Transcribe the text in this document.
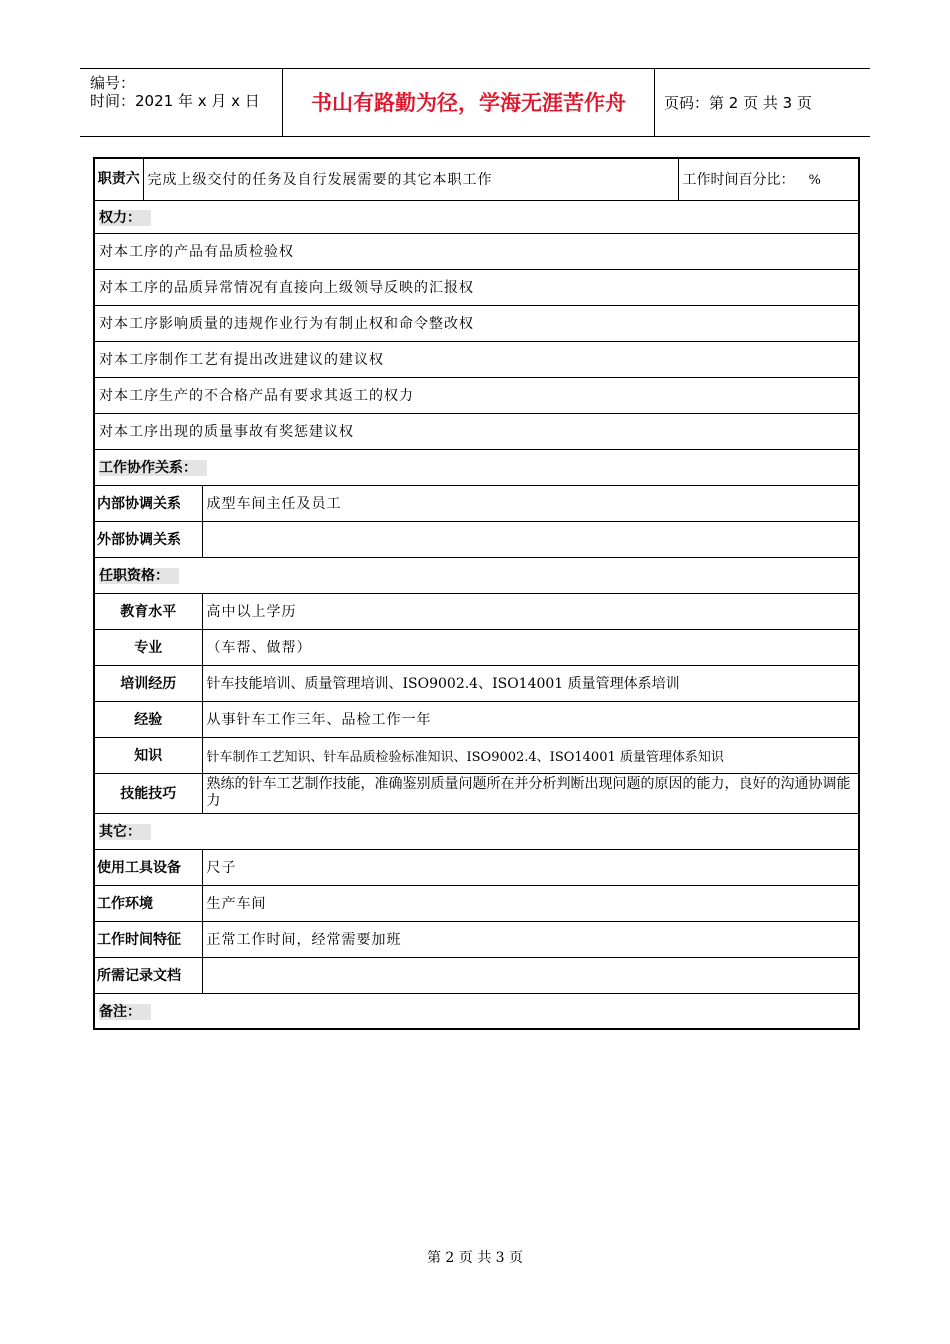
编号：
时间：2021 年 x 月 x 日	书山有路勤为径，学海无涯苦作舟	页码：第 2 页 共 3 页
职责六	完成上级交付的任务及自行发展需要的其它本职工作		工作时间百分比： %
权力：			
对本工序的产品有品质检验权			
对本工序的品质异常情况有直接向上级领导反映的汇报权			
对本工序影响质量的违规作业行为有制止权和命令整改权			
对本工序制作工艺有提出改进建议的建议权			
对本工序生产的不合格产品有要求其返工的权力			
对本工序出现的质量事故有奖惩建议权			
工作协作关系：			
内部协调关系		成型车间主任及员工	
外部协调关系			
任职资格：			
教育水平		高中以上学历	
专业		（车帮、做帮）	
培训经历		针车技能培训、质量管理培训、ISO9002.4、ISO14001 质量管理体系培训	
经验		从事针车工作三年、品检工作一年	
知识		针车制作工艺知识、针车品质检验标准知识、ISO9002.4、ISO14001 质量管理体系知识	
技能技巧		熟练的针车工艺制作技能，准确鉴别质量问题所在并分析判断出现问题的原因的能力，良好的沟通协调能力	
其它：			
使用工具设备		尺子	
工作环境		生产车间	
工作时间特征		正常工作时间，经常需要加班	
所需记录文档			
备注：			
第 2 页 共 3 页
